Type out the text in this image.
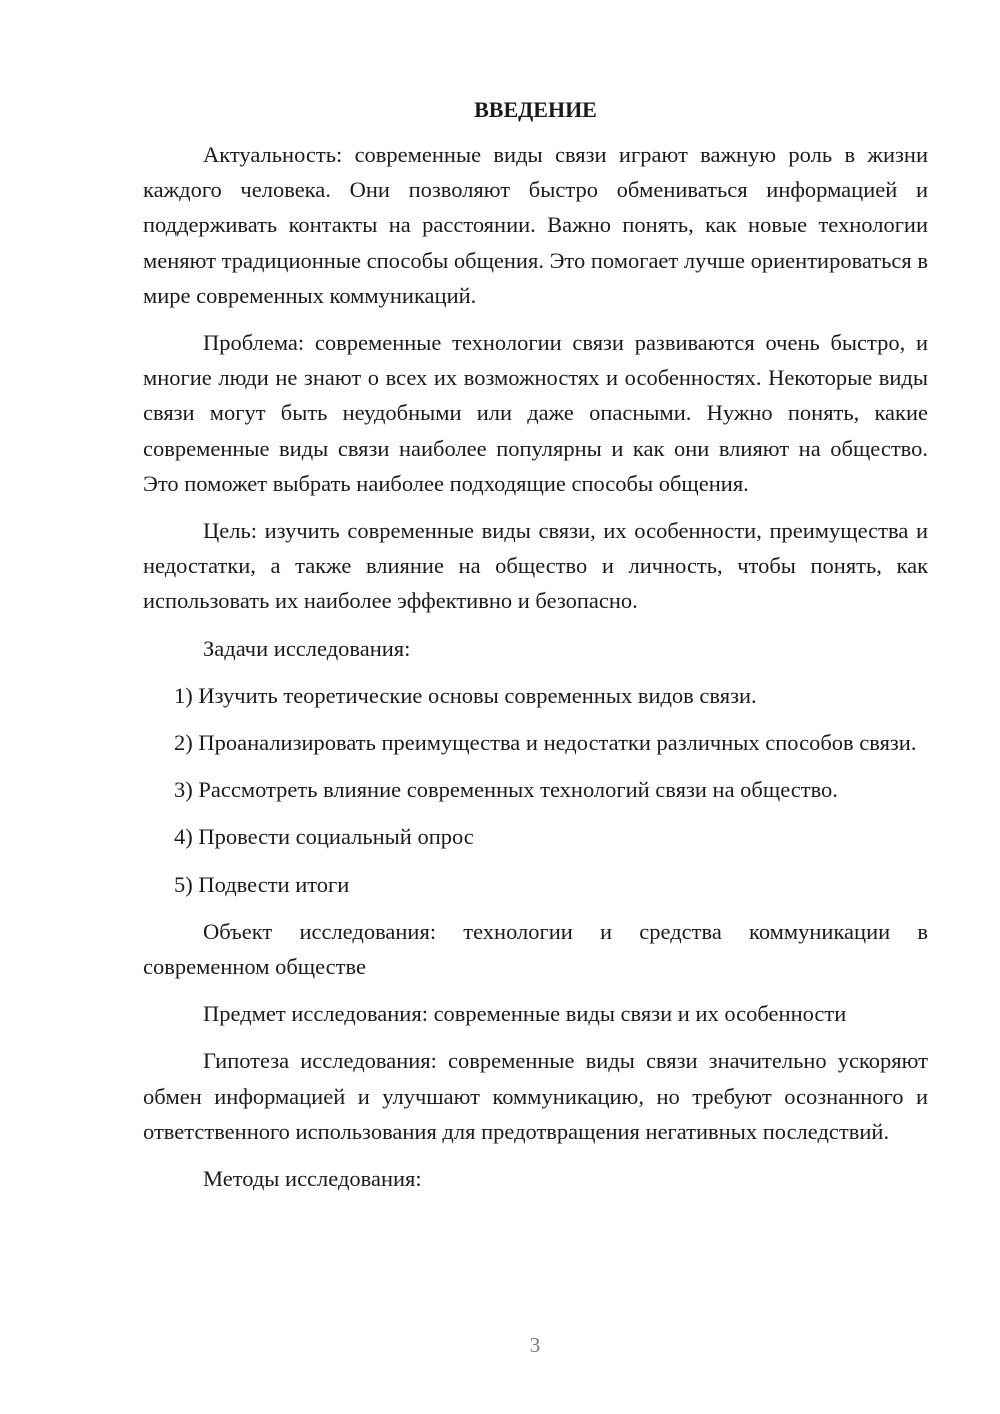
ВВЕДЕНИЕ

Актуальность: современные виды связи играют важную роль в жизни каждого человека. Они позволяют быстро обмениваться информацией и поддерживать контакты на расстоянии. Важно понять, как новые технологии меняют традиционные способы общения. Это помогает лучше ориентироваться в мире современных коммуникаций.

Проблема: современные технологии связи развиваются очень быстро, и многие люди не знают о всех их возможностях и особенностях. Некоторые виды связи могут быть неудобными или даже опасными. Нужно понять, какие современные виды связи наиболее популярны и как они влияют на общество. Это поможет выбрать наиболее подходящие способы общения.

Цель: изучить современные виды связи, их особенности, преимущества и недостатки, а также влияние на общество и личность, чтобы понять, как использовать их наиболее эффективно и безопасно.

Задачи исследования:

1) Изучить теоретические основы современных видов связи.

2) Проанализировать преимущества и недостатки различных способов связи.

3) Рассмотреть влияние современных технологий связи на общество.

4) Провести социальный опрос

5) Подвести итоги

Объект исследования: технологии и средства коммуникации в современном обществе

Предмет исследования: современные виды связи и их особенности

Гипотеза исследования: современные виды связи значительно ускоряют обмен информацией и улучшают коммуникацию, но требуют осознанного и ответственного использования для предотвращения негативных последствий.

Методы исследования:

3
